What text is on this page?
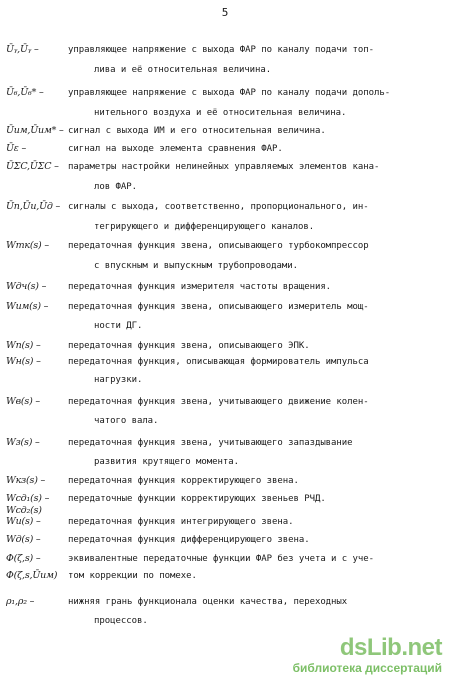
5
Ūᵧ,Ūᵧ –	управляющее напряжение с выхода ФАР по каналу подачи топ-
лива и её относительная величина.
Ū₆,Ū₆* –	управляющее напряжение с выхода ФАР по каналу подачи дополь-
нительного воздуха и её относительная величина.
Ūим,Ūим* – сигнал с выхода ИМ и его относительная величина.
Ūε –	сигнал на выходе элемента сравнения ФАР.
ŪΣC,ŪΣC – параметры настройки нелинейных управляемых элементов кана-
лов ФАР.
Ūп,Ūи,Ūд – сигналы с выхода, соответственно, пропорционального, ин-
тегрирующего и дифференцирующего каналов.
Wтк(s) – передаточная функция звена, описывающего турбокомпрессор
с впускным и выпускным трубопроводами.
Wдч(s) – передаточная функция измерителя частоты вращения.
Wим(s) – передаточная функция звена, описывающего измеритель мощ-
ности ДГ.
Wп(s) –	передаточная функция звена, описывающего ЭПК.
Wн(s) –	передаточная функция, описывающая формирователь импульса
нагрузки.
Wв(s) –	передаточная функция звена, учитывающего движение колен-
чатого вала.
Wз(s) –	передаточная функция звена, учитывающего запаздывание
развития крутящего момента.
Wкз(s) –	передаточная функция корректирующего звена.
Wсд₁(s) – передаточные функции корректирующих звеньев РЧД.
Wсд₂(s)
Wи(s) –	передаточная функция интегрирующего звена.
Wд(s) –	передаточная функция дифференцирующего звена.
Φ(ζ,s) –	эквивалентные передаточные функции ФАР без учета и с уче-
Φ(ζ,s,Ūим) том коррекции по помехе.
ρ₁,ρ₂ –	нижняя грань функционала оценки качества, переходных
процессов.
dsLib.net
библиотека диссертаций
